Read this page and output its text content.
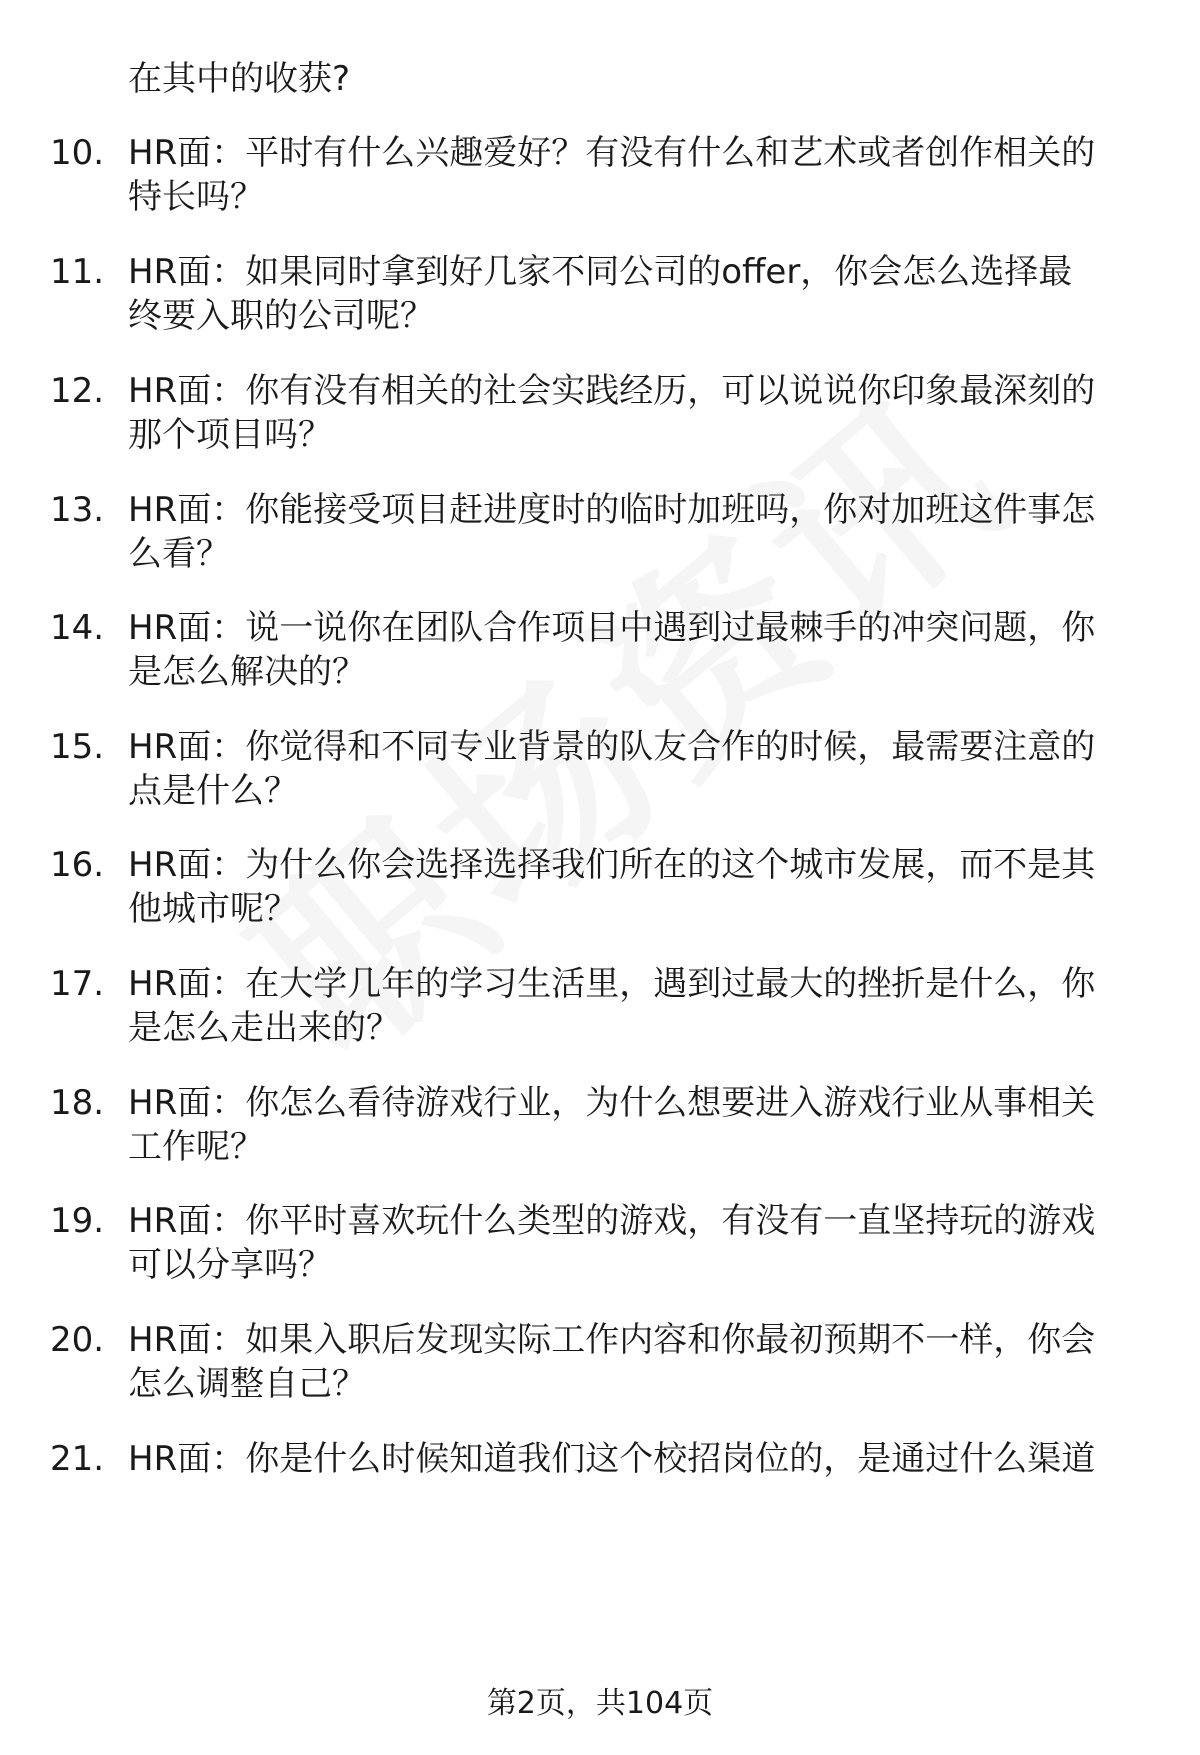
在其中的收获?
10. HR面：平时有什么兴趣爱好？有没有什么和艺术或者创作相关的
特长吗？
11. HR面：如果同时拿到好几家不同公司的offer，你会怎么选择最
终要入职的公司呢？
12. HR面：你有没有相关的社会实践经历，可以说说你印象最深刻的
那个项目吗？
13. HR面：你能接受项目赶进度时的临时加班吗，你对加班这件事怎
么看？
14. HR面：说一说你在团队合作项目中遇到过最棘手的冲突问题，你
是怎么解决的？
15. HR面：你觉得和不同专业背景的队友合作的时候，最需要注意的
点是什么？
16. HR面：为什么你会选择选择我们所在的这个城市发展，而不是其
他城市呢？
17. HR面：在大学几年的学习生活里，遇到过最大的挫折是什么，你
是怎么走出来的？
18. HR面：你怎么看待游戏行业，为什么想要进入游戏行业从事相关
工作呢？
19. HR面：你平时喜欢玩什么类型的游戏，有没有一直坚持玩的游戏
可以分享吗？
20. HR面：如果入职后发现实际工作内容和你最初预期不一样，你会
怎么调整自己？
21. HR面：你是什么时候知道我们这个校招岗位的，是通过什么渠道
第2页，共104页
